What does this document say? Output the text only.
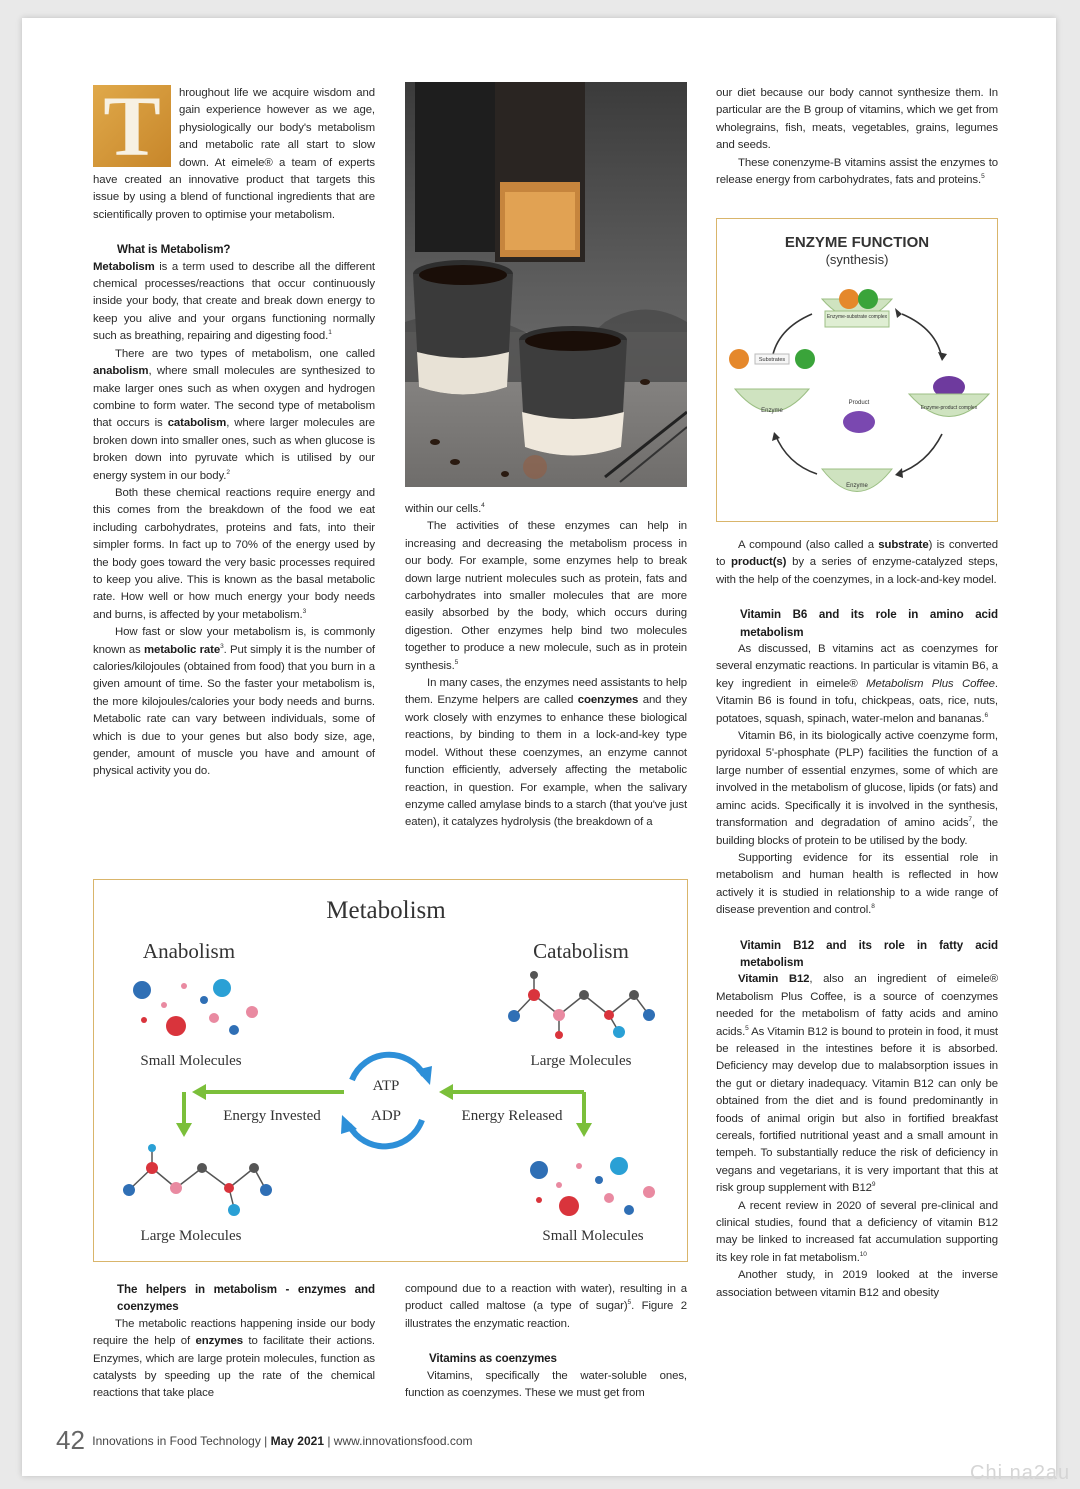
T	hroughout life we acquire wisdom and gain experience however as we age, physiologically our body's metabolism and metabolic rate all start to slow down. At eimele® a team of experts have created an innovative product that targets this issue by using a blend of functional ingredients that are scientifically proven to optimise your metabolism.

What is Metabolism?

Metabolism is a term used to describe all the different chemical processes/reactions that occur continuously inside your body, that create and break down energy to keep you alive and your organs functioning normally such as breathing, repairing and digesting food.$^1$

There are two types of metabolism, one called anabolism, where small molecules are synthesized to make larger ones such as when oxygen and hydrogen combine to form water. The second type of metabolism that occurs is catabolism, where larger molecules are broken down into smaller ones, such as when glucose is broken down into pyruvate which is utilised by our energy system in our body.$^2$

Both these chemical reactions require energy and this comes from the breakdown of the food we eat including carbohydrates, proteins and fats, into their simpler forms. In fact up to 70% of the energy used by the body goes toward the very basic processes required to keep you alive. This is known as the basal metabolic rate. How well or how much energy your body needs and burns, is affected by your metabolism.$^3$

How fast or slow your metabolism is, is commonly known as metabolic rate$^3$. Put simply it is the number of calories/kilojoules (obtained from food) that you burn in a given amount of time. So the faster your metabolism is, the more kilojoules/calories your body needs and burns. Metabolic rate can vary between individuals, some of which is due to your genes but also body size, age, gender, amount of muscle you have and amount of physical activity you do.

within our cells.$^4$

The activities of these enzymes can help in increasing and decreasing the metabolism process in our body. For example, some enzymes help to break down large nutrient molecules such as protein, fats and carbohydrates into smaller molecules that are more easily absorbed by the body, which occurs during digestion. Other enzymes help bind two molecules together to produce a new molecule, such as in protein synthesis.$^5$

In many cases, the enzymes need assistants to help them. Enzyme helpers are called coenzymes and they work closely with enzymes to enhance these biological reactions, by binding to them in a lock-and-key type model. Without these coenzymes, an enzyme cannot function efficiently, adversely affecting the metabolic reaction, in question. For example, when the salivary enzyme called amylase binds to a starch (that you've just eaten), it catalyzes hydrolysis (the breakdown of a

our diet because our body cannot synthesize them. In particular are the B group of vitamins, which we get from wholegrains, fish, meats, vegetables, grains, legumes and seeds.

These conenzyme-B vitamins assist the enzymes to release energy from carbohydrates, fats and proteins.$^5$

ENZYME FUNCTION
(synthesis)
Enzyme-substrate complex
Substrates
Enzyme	Enzyme-product complex
Product
Enzyme

A compound (also called a substrate) is converted to product(s) by a series of enzyme-catalyzed steps, with the help of the coenzymes, in a lock-and-key model.

Vitamin B6 and its role in amino acid metabolism

As discussed, B vitamins act as coenzymes for several enzymatic reactions. In particular is vitamin B6, a key ingredient in eimele® Metabolism Plus Coffee. Vitamin B6 is found in tofu, chickpeas, oats, rice, nuts, potatoes, squash, spinach, water-melon and bananas.$^6$

Vitamin B6, in its biologically active coenzyme form, pyridoxal 5'-phosphate (PLP) facilities the function of a large number of essential enzymes, some of which are involved in the metabolism of glucose, lipids (or fats) and aminc acids. Specifically it is involved in the synthesis, transformation and degradation of amino acids$^7$, the building blocks of protein to be utilised by the body.

Supporting evidence for its essential role in metabolism and human health is reflected in how actively it is studied in relationship to a wide range of disease prevention and control.$^8$

Vitamin B12 and its role in fatty acid metabolism

Vitamin B12, also an ingredient of eimele® Metabolism Plus Coffee, is a source of coenzymes needed for the metabolism of fatty acids and amino acids.$^5$ As Vitamin B12 is bound to protein in food, it must be released in the intestines before it is absorbed. Deficiency may develop due to malabsorption issues in the gut or dietary inadequacy. Vitamin B12 can only be obtained from the diet and is found predominantly in foods of animal origin but also in fortified breakfast cereals, fortified nutritional yeast and a small amount in tempeh. To substantially reduce the risk of deficiency in vegans and vegetarians, it is very important that this at risk group supplement with $B12^9$

A recent review in 2020 of several pre-clinical and clinical studies, found that a deficiency of vitamin B12 may be linked to increased fat accumulation supporting its key role in fat metabolism.$^{10}$

Another study, in 2019 looked at the inverse association between vitamin B12 and obesity

Metabolism
Anabolism	Catabolism
Small Molecules	Large Molecules
Large Molecules	Small Molecules
Energy Invested	Energy Released
ATP
ADP
The helpers in metabolism - enzymes and coenzymes

The metabolic reactions happening inside our body require the help of enzymes to facilitate their actions. Enzymes, which are large protein molecules, function as catalysts by speeding up the rate of the chemical reactions that take place

compound due to a reaction with water), resulting in a product called maltose (a type of sugar)$^5$. Figure 2 illustrates the enzymatic reaction.

Vitamins as coenzymes

Vitamins, specifically the water-soluble ones, function as coenzymes. These we must get from

42 Innovations in Food Technology | May 2021 | www.innovationsfood.com
Chi na2au
